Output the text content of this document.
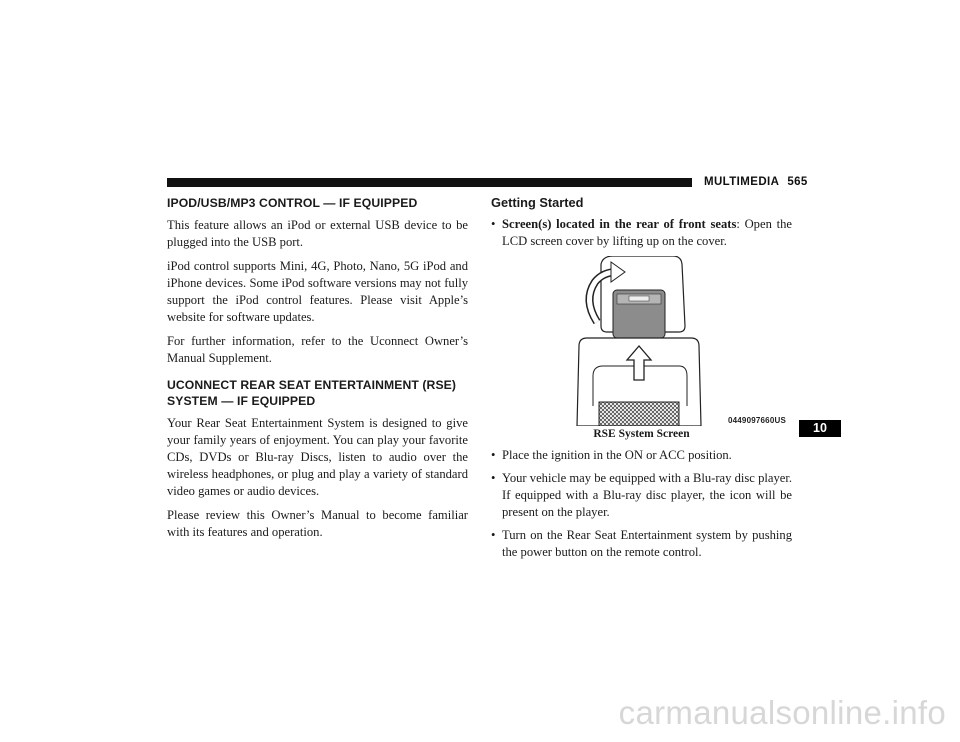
MULTIMEDIA 565
IPOD/USB/MP3 CONTROL — IF EQUIPPED

This feature allows an iPod or external USB device to be plugged into the USB port.

iPod control supports Mini, 4G, Photo, Nano, 5G iPod and iPhone devices. Some iPod software versions may not fully support the iPod control features. Please visit Apple’s website for software updates.

For further information, refer to the Uconnect Owner’s Manual Supplement.

UCONNECT REAR SEAT ENTERTAINMENT (RSE) SYSTEM — IF EQUIPPED

Your Rear Seat Entertainment System is designed to give your family years of enjoyment. You can play your favorite CDs, DVDs or Blu-ray Discs, listen to audio over the wireless headphones, or plug and play a variety of standard video games or audio devices.

Please review this Owner’s Manual to become familiar with its features and operation.

Getting Started
• Screen(s) located in the rear of front seats: Open the LCD screen cover by lifting up on the cover.
0449097660US
RSE System Screen
• Place the ignition in the ON or ACC position.
• Your vehicle may be equipped with a Blu-ray disc player. If equipped with a Blu-ray disc player, the icon will be present on the player.
• Turn on the Rear Seat Entertainment system by pushing the power button on the remote control.
10
carmanualsonline.info
